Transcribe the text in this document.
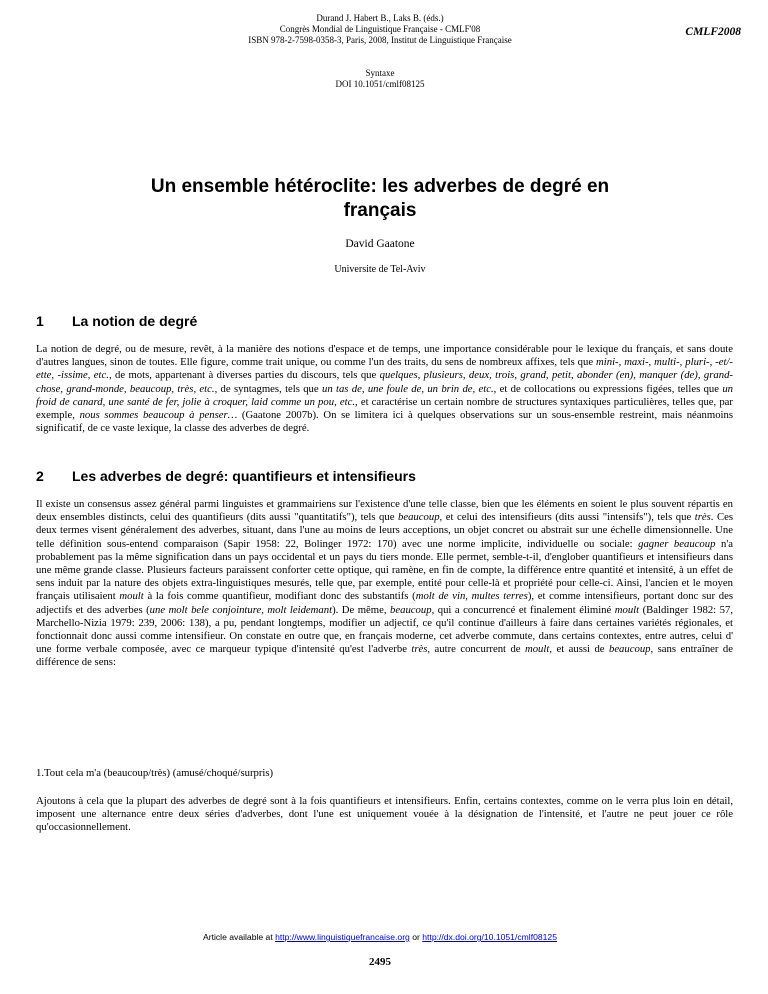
Durand J. Habert B., Laks B. (éds.)
Congrès Mondial de Linguistique Française - CMLF'08
ISBN 978-2-7598-0358-3, Paris, 2008, Institut de Linguistique Française
Syntaxe
DOI 10.1051/cmlf08125
CMLF2008
Un ensemble hétéroclite: les adverbes de degré en
français
David Gaatone
Universite de Tel-Aviv
1 La notion de degré
La notion de degré, ou de mesure, revêt, à la manière des notions d'espace et de temps, une importance considérable pour le lexique du français, et sans doute d'autres langues, sinon de toutes. Elle figure, comme trait unique, ou comme l'un des traits, du sens de nombreux affixes, tels que mini-, maxi-, multi-, pluri-, -et/-ette, -issime, etc., de mots, appartenant à diverses parties du discours, tels que quelques, plusieurs, deux, trois, grand, petit, abonder (en), manquer (de), grand-chose, grand-monde, beaucoup, très, etc., de syntagmes, tels que un tas de, une foule de, un brin de, etc., et de collocations ou expressions figées, telles que un froid de canard, une santé de fer, jolie à croquer, laid comme un pou, etc., et caractérise un certain nombre de structures syntaxiques particulières, telles que, par exemple, nous sommes beaucoup à penser… (Gaatone 2007b). On se limitera ici à quelques observations sur un sous-ensemble restreint, mais néanmoins significatif, de ce vaste lexique, la classe des adverbes de degré.
2 Les adverbes de degré: quantifieurs et intensifieurs
Il existe un consensus assez général parmi linguistes et grammairiens sur l'existence d'une telle classe, bien que les éléments en soient le plus souvent répartis en deux ensembles distincts, celui des quantifieurs (dits aussi "quantitatifs"), tels que beaucoup, et celui des intensifieurs (dits aussi "intensifs"), tels que très. Ces deux termes visent généralement des adverbes, situant, dans l'une au moins de leurs acceptions, un objet concret ou abstrait sur une échelle dimensionnelle. Une telle définition sous-entend comparaison (Sapir 1958: 22, Bolinger 1972: 170) avec une norme implicite, individuelle ou sociale: gagner beaucoup n'a probablement pas la même signification dans un pays occidental et un pays du tiers monde. Elle permet, semble-t-il, d'englober quantifieurs et intensifieurs dans une même grande classe. Plusieurs facteurs paraissent conforter cette optique, qui ramène, en fin de compte, la différence entre quantité et intensité, à un effet de sens induit par la nature des objets extra-linguistiques mesurés, telle que, par exemple, entité pour celle-là et propriété pour celle-ci. Ainsi, l'ancien et le moyen français utilisaient moult à la fois comme quantifieur, modifiant donc des substantifs (molt de vin, multes terres), et comme intensifieurs, portant donc sur des adjectifs et des adverbes (une molt bele conjointure, molt leidemant). De même, beaucoup, qui a concurrencé et finalement éliminé moult (Baldinger 1982: 57, Marchello-Nizia 1979: 239, 2006: 138), a pu, pendant longtemps, modifier un adjectif, ce qu'il continue d'ailleurs à faire dans certaines variétés régionales, et fonctionnait donc aussi comme intensifieur. On constate en outre que, en français moderne, cet adverbe commute, dans certains contextes, entre autres, celui d' une forme verbale composée, avec ce marqueur typique d'intensité qu'est l'adverbe très, autre concurrent de moult, et aussi de beaucoup, sans entraîner de différence de sens:
1.Tout cela m'a (beaucoup/très) (amusé/choqué/surpris)
Ajoutons à cela que la plupart des adverbes de degré sont à la fois quantifieurs et intensifieurs. Enfin, certains contextes, comme on le verra plus loin en détail, imposent une alternance entre deux séries d'adverbes, dont l'une est uniquement vouée à la désignation de l'intensité, et l'autre ne peut jouer ce rôle qu'occasionnellement.
Article available at http://www.linguistiquefrancaise.org or http://dx.doi.org/10.1051/cmlf08125
2495
